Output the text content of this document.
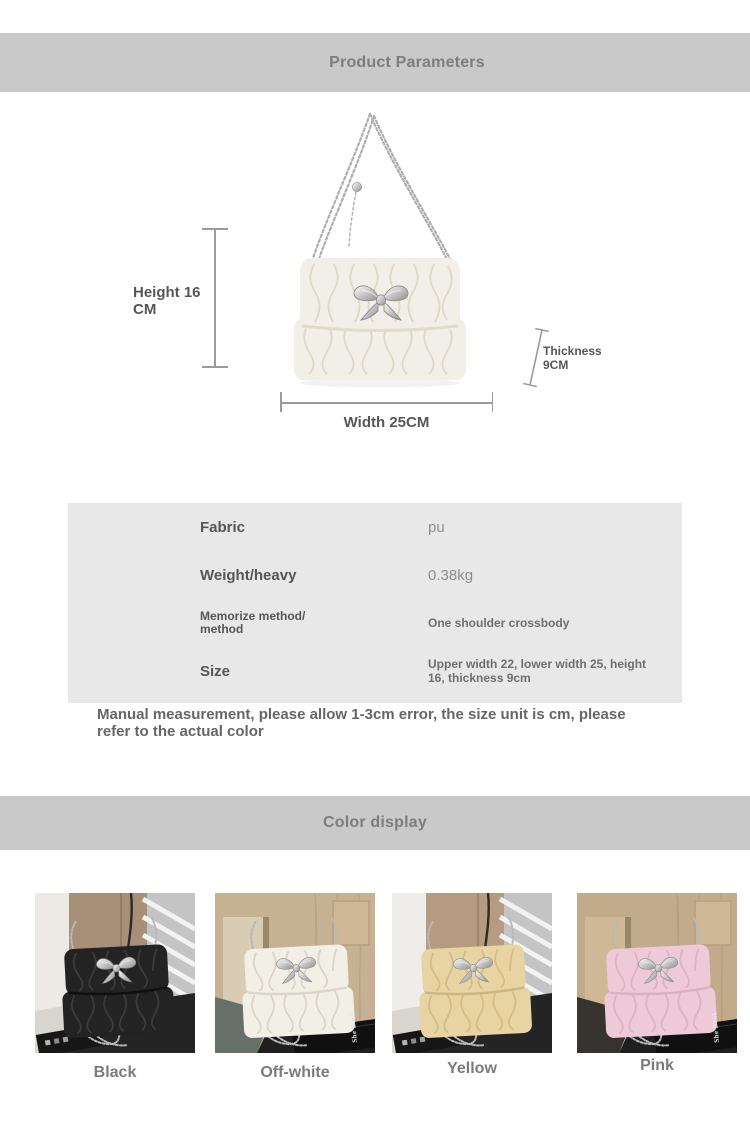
Product Parameters
Height 16
CM
Width 25CM
Thickness
9CM
Fabric	pu
Weight/heavy	0.38kg
Memorize method/
method	One shoulder crossbody
Size	Upper width 22, lower width 25, height 16, thickness 9cm
Manual measurement, please allow 1-3cm error, the size unit is cm, please refer to the actual color
Color display
Black
She Book
Off-white	Yellow
She Book
Pink
